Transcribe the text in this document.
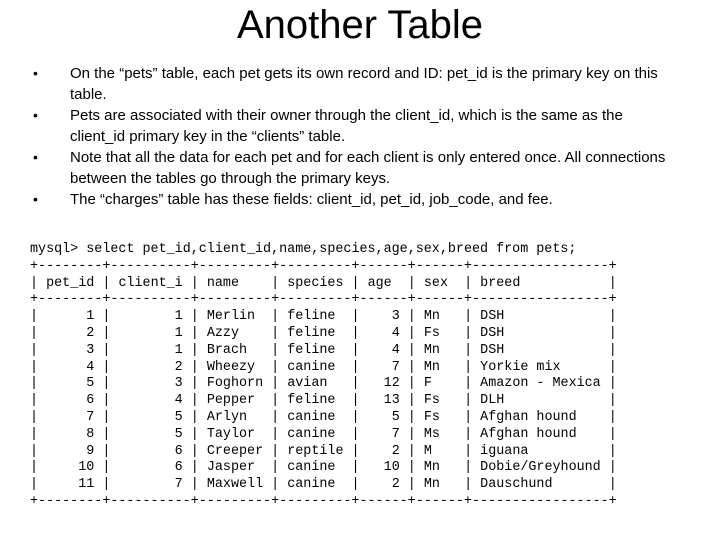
Another Table
• On the “pets” table, each pet gets its own record and ID: pet_id is the primary key on this table.
• Pets are associated with their owner through the client_id, which is the same as the client_id primary key in the “clients” table.
• Note that all the data for each pet and for each client is only entered once. All connections between the tables go through the primary keys.
• The “charges” table has these fields: client_id, pet_id, job_code, and fee.
mysql> select pet_id,client_id,name,species,age,sex,breed from pets;
+--------+----------+---------+---------+------+------+-----------------+
| pet_id | client_i | name    | species | age  | sex  | breed           |
+--------+----------+---------+---------+------+------+-----------------+
|      1 |        1 | Merlin  | feline  |    3 | Mn   | DSH             |
|      2 |        1 | Azzy    | feline  |    4 | Fs   | DSH             |
|      3 |        1 | Brach   | feline  |    4 | Mn   | DSH             |
|      4 |        2 | Wheezy  | canine  |    7 | Mn   | Yorkie mix      |
|      5 |        3 | Foghorn | avian   |   12 | F    | Amazon - Mexica |
|      6 |        4 | Pepper  | feline  |   13 | Fs   | DLH             |
|      7 |        5 | Arlyn   | canine  |    5 | Fs   | Afghan hound    |
|      8 |        5 | Taylor  | canine  |    7 | Ms   | Afghan hound    |
|      9 |        6 | Creeper | reptile |    2 | M    | iguana          |
|     10 |        6 | Jasper  | canine  |   10 | Mn   | Dobie/Greyhound |
|     11 |        7 | Maxwell | canine  |    2 | Mn   | Dauschund       |
+--------+----------+---------+---------+------+------+-----------------+
